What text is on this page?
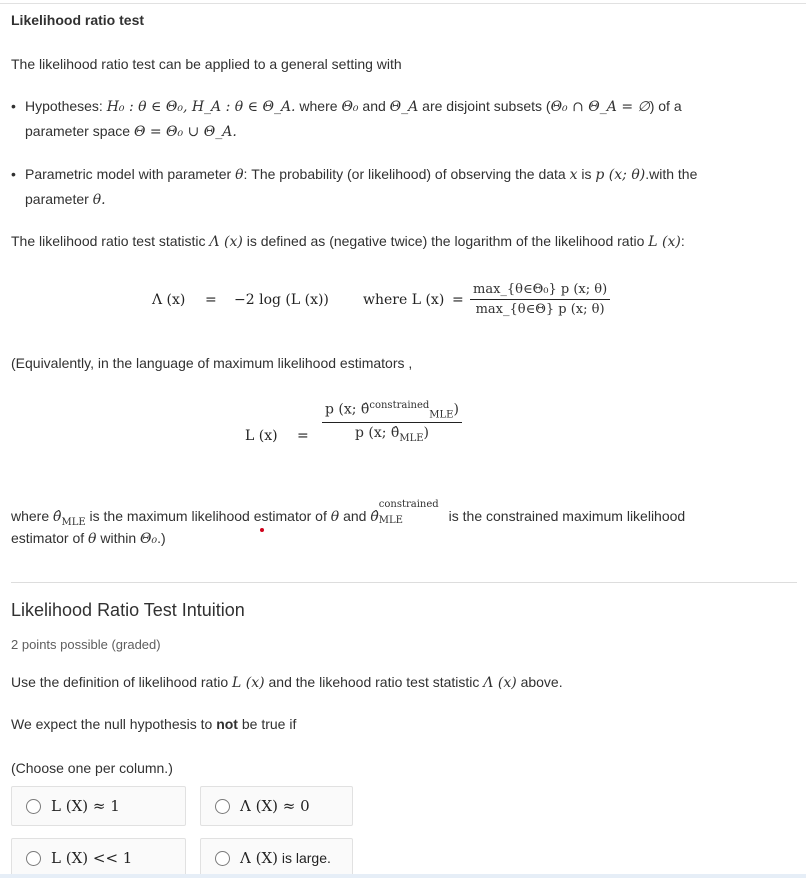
Likelihood ratio test
The likelihood ratio test can be applied to a general setting with
• Hypotheses: H₀ : θ ∈ Θ₀, H_A : θ ∈ Θ_A. where Θ₀ and Θ_A are disjoint subsets (Θ₀ ∩ Θ_A = ∅) of a
parameter space Θ = Θ₀ ∪ Θ_A.
• Parametric model with parameter θ: The probability (or likelihood) of observing the data x is p (x; θ).with the
parameter θ.
The likelihood ratio test statistic Λ (x) is defined as (negative twice) the logarithm of the likelihood ratio L (x):
Λ (x) = −2 log (L (x)) where L (x) =
max_{θ∈Θ₀} p (x; θ)
max_{θ∈Θ} p (x; θ)
(Equivalently, in the language of maximum likelihood estimators ,
L (x) =
p (x; θ̂$^{constrained}_{MLE}$)
p (x; $\thetâ_{MLE}$)
where $\thetâ_{MLE}$ is the maximum likelihood estimator of θ and θ̂
constrained
MLE	is the constrained maximum likelihood
estimator of θ within Θ₀.)
Likelihood Ratio Test Intuition
2 points possible (graded)
Use the definition of likelihood ratio L (x) and the likehood ratio test statistic Λ (x) above.
We expect the null hypothesis to not be true if
(Choose one per column.)
L (X) ≈ 1	Λ (X) ≈ 0
L (X) << 1	Λ (X) is large.
